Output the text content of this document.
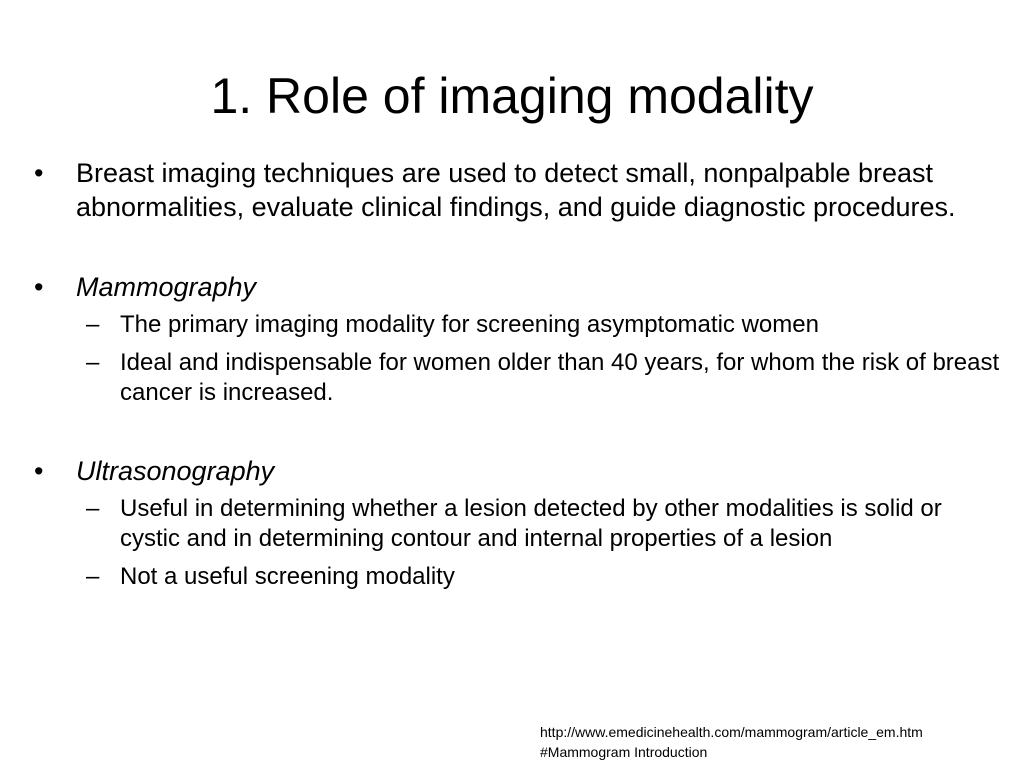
1. Role of imaging modality
• Breast imaging techniques are used to detect small, nonpalpable breast abnormalities, evaluate clinical findings, and guide diagnostic procedures.
• Mammography
– The primary imaging modality for screening asymptomatic women
– Ideal and indispensable for women older than 40 years, for whom the risk of breast cancer is increased.
• Ultrasonography
– Useful in determining whether a lesion detected by other modalities is solid or cystic and in determining contour and internal properties of a lesion
– Not a useful screening modality
http://www.emedicinehealth.com/mammogram/article_em.htm
#Mammogram Introduction
